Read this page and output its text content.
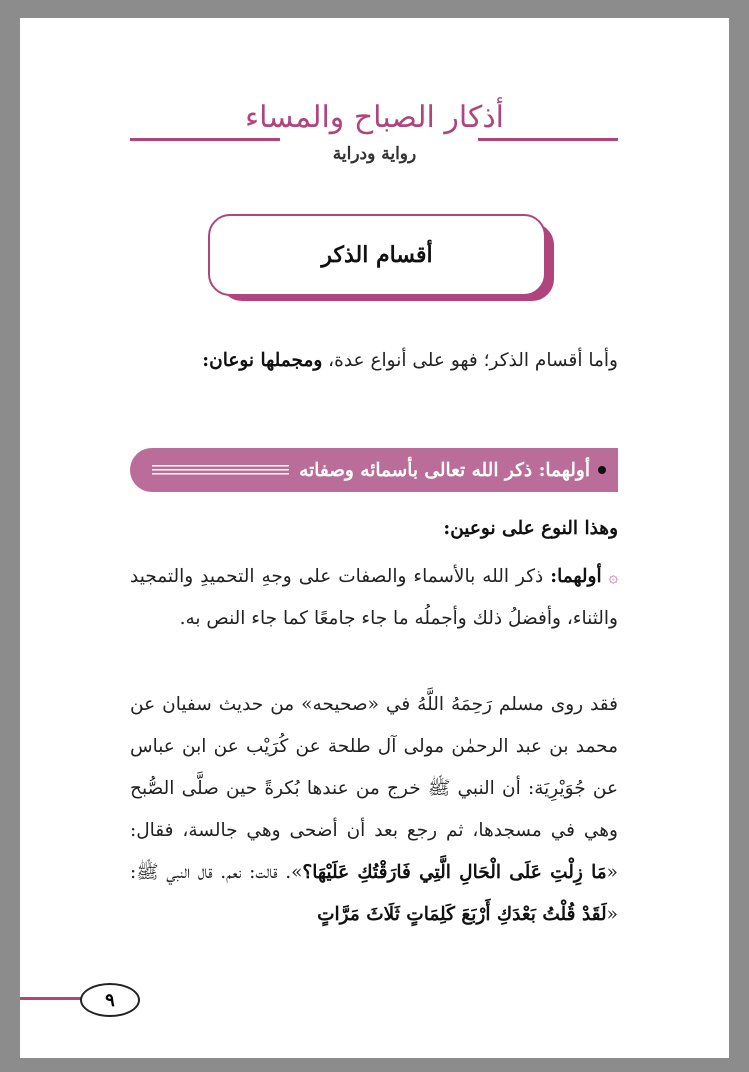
أذكار الصباح والمساء
رواية ودراية
أقسام الذكر
وأما أقسام الذكر؛ فهو على أنواع عدة، ومجملها نوعان:
أولهما: ذكر الله تعالى بأسمائه وصفاته
وهذا النوع على نوعين:
۞ أولهما: ذكر الله بالأسماء والصفات على وجهِ التحميدِ والتمجيد والثناء، وأفضلُ ذلك وأجملُه ما جاء جامعًا كما جاء النص به.
فقد روى مسلم رَحِمَهُ اللَّهُ في «صحيحه» من حديث سفيان عن محمد بن عبد الرحمٰن مولى آل طلحة عن كُرَيْب عن ابن عباس عن جُوَيْرِيَة: أن النبي ﷺ خرج من عندها بُكرةً حين صلَّى الصُّبح وهي في مسجدها، ثم رجع بعد أن أضحى وهي جالسة، فقال: «مَا زِلْتِ عَلَى الْحَالِ الَّتِي فَارَقْتُكِ عَلَيْهَا؟». قالت: نعم. قال النبي ﷺ: «لَقَدْ قُلْتُ بَعْدَكِ أَرْبَعَ كَلِمَاتٍ ثَلَاثَ مَرَّاتٍ
٩
